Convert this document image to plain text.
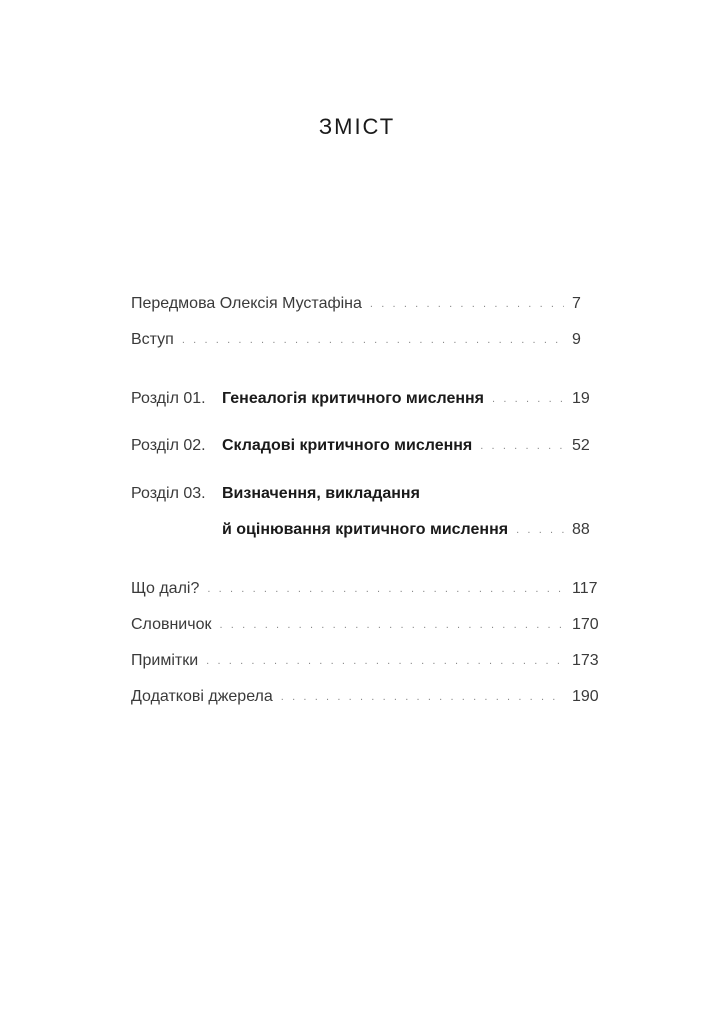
ЗМІСТ
Передмова Олексія Мустафіна . . .	7
Вступ . . .	9
Розділ 01.	Генеалогія критичного мислення . . .	19
Розділ 02.	Складові критичного мислення . . .	52
Розділ 03.	Визначення, викладання
й оцінювання критичного мислення . . .	88
Що далі? . . .	117
Словничок . . .	170
Примітки . . .	173
Додаткові джерела . . .	190
